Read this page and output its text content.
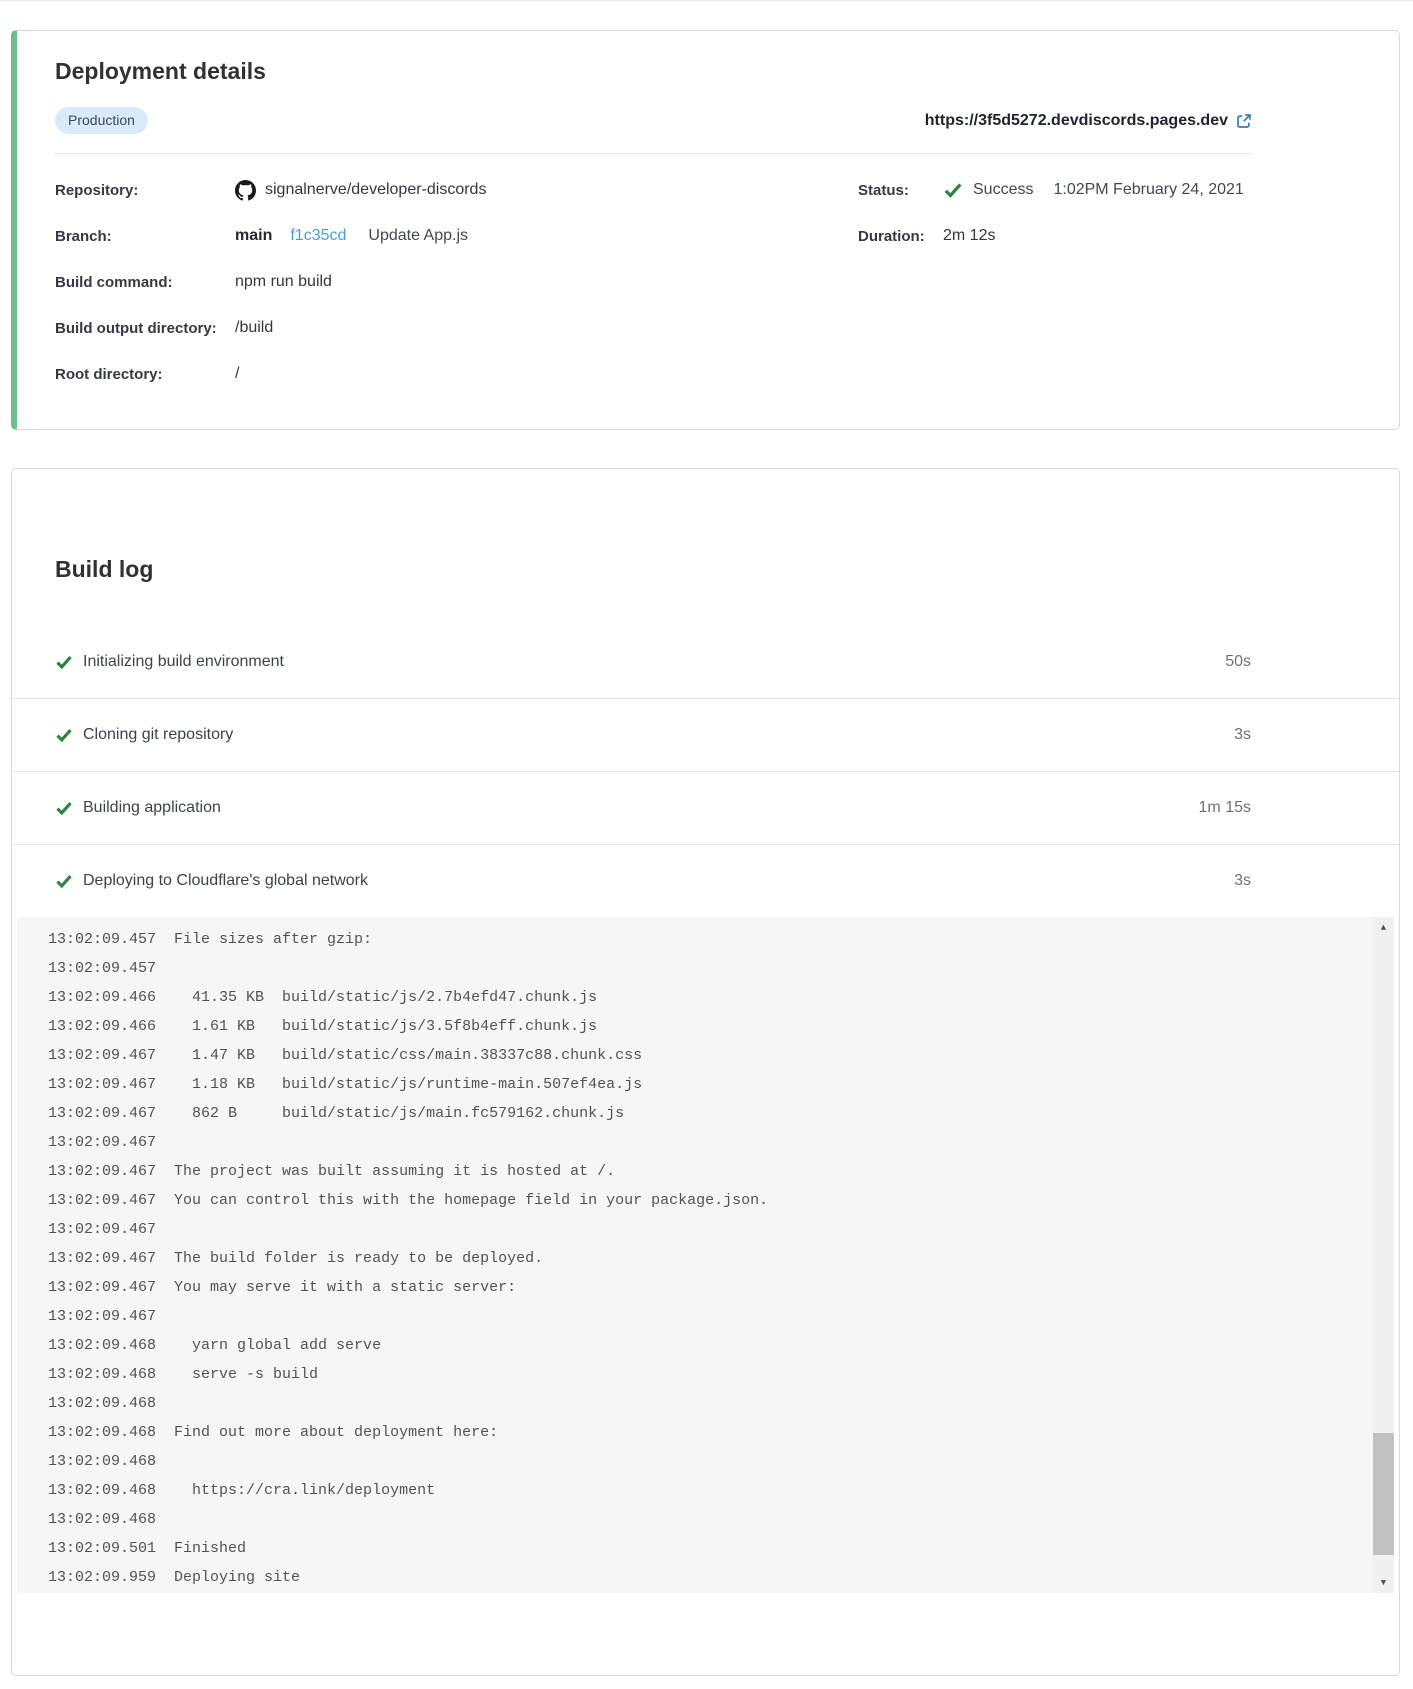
Deployment details
Production	https://3f5d5272.devdiscords.pages.dev
Repository:	signalnerve/developer-discords
Branch:	main f1c35cd Update App.js
Build command:	npm run build
Build output directory:	/build
Root directory:	/
Status:	Success 1:02PM February 24, 2021
Duration:	2m 12s
Build log
Initializing build environment	50s
Cloning git repository	3s
Building application	1m 15s
Deploying to Cloudflare's global network	3s
13:02:09.457 File sizes after gzip:
13:02:09.457
13:02:09.466  41.35 KB  build/static/js/2.7b4efd47.chunk.js
13:02:09.466  1.61 KB   build/static/js/3.5f8b4eff.chunk.js
13:02:09.467  1.47 KB   build/static/css/main.38337c88.chunk.css
13:02:09.467  1.18 KB   build/static/js/runtime-main.507ef4ea.js
13:02:09.467  862 B     build/static/js/main.fc579162.chunk.js
13:02:09.467
13:02:09.467 The project was built assuming it is hosted at /.
13:02:09.467 You can control this with the homepage field in your package.json.
13:02:09.467
13:02:09.467 The build folder is ready to be deployed.
13:02:09.467 You may serve it with a static server:
13:02:09.467
13:02:09.468  yarn global add serve
13:02:09.468  serve -s build
13:02:09.468
13:02:09.468 Find out more about deployment here:
13:02:09.468
13:02:09.468  https://cra.link/deployment
13:02:09.468
13:02:09.501 Finished
13:02:09.959 Deploying site
▲
▼
